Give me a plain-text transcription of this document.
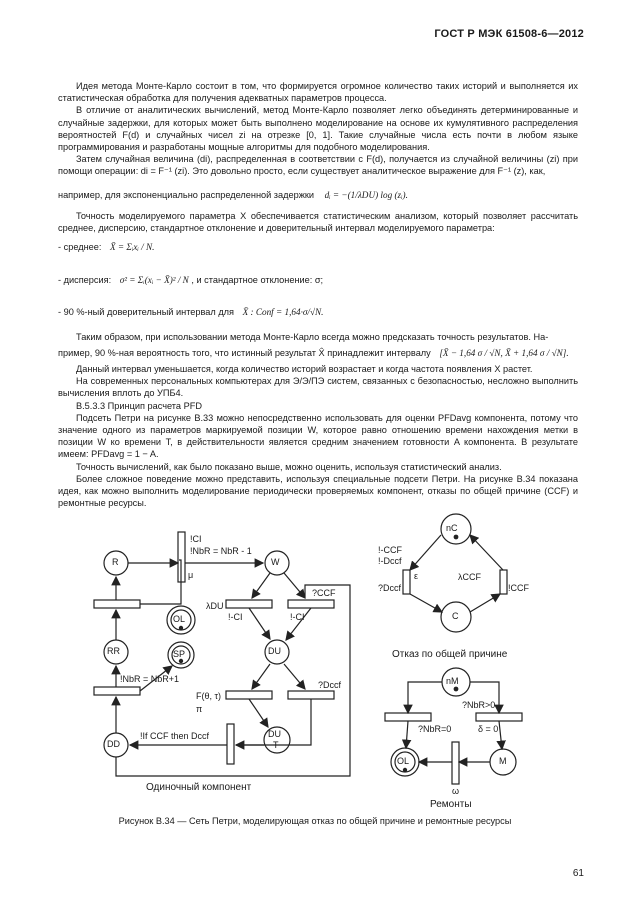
ГОСТ Р МЭК 61508-6—2012

Идея метода Монте-Карло состоит в том, что формируется огромное количество таких историй и выполняется их статистическая обработка для получения адекватных параметров процесса.

В отличие от аналитических вычислений, метод Монте-Карло позволяет легко объединять детерминированные и случайные задержки, для которых может быть выполнено моделирование на основе их кумулятивного распределения вероятностей F(d) и случайных чисел zi на отрезке [0, 1]. Такие случайные числа есть почти в любом языке программирования и разработаны мощные алгоритмы для подобного моделирования.

Затем случайная величина (di), распределенная в соответствии с F(d), получается из случайной величины (zi) при помощи операции: di = F⁻¹ (zi). Это довольно просто, если существует аналитическое выражение для F⁻¹ (z), как,

например, для экспоненциально распределенной задержки dᵢ = −(1/λDU) log (zᵢ).

Точность моделируемого параметра X обеспечивается статистическим анализом, который позволяет рассчитать среднее, дисперсию, стандартное отклонение и доверительный интервал моделируемого параметра:

- среднее: X̄ = Σᵢxᵢ / N.
- дисперсия: σ² = Σᵢ(xᵢ − X̄)² / N , и стандартное отклонение: σ;
- 90 %-ный доверительный интервал для X̄ : Conf = 1,64·σ/√N.

Таким образом, при использовании метода Монте-Карло всегда можно предсказать точность результатов. На-

пример, 90 %-ная вероятность того, что истинный результат X̂ принадлежит интервалу [X̄ − 1,64 σ / √N, X̄ + 1,64 σ / √N].

Данный интервал уменьшается, когда количество историй возрастает и когда частота появления X растет.

На современных персональных компьютерах для Э/Э/ПЭ систем, связанных с безопасностью, несложно выполнить вычисления вплоть до УПБ4.

В.5.3.3 Принцип расчета PFD

Подсеть Петри на рисунке В.33 можно непосредственно использовать для оценки PFDavg компонента, потому что значение одного из параметров маркируемой позиции W, которое равно отношению времени нахождения метки в позиции W ко времени T, в действительности является средним значением готовности A компонента. В результате имеем: PFDavg = 1 − A.

Точность вычислений, как было показано выше, можно оценить, используя статистический анализ.

Более сложное поведение можно представить, используя специальные подсети Петри. На рисунке В.34 показана идея, как можно выполнить моделирование периодически проверяемых компонент, отказы по общей причине (CCF) и ремонтные ресурсы.

R	W
OL
RR	SP	DU
DD
DU
T
!CI
!NbR = NbR - 1
μ
λDU
!-CI
?CCF
!-CI
!NbR = NbR+1
?Dccf
F(θ, τ)
π
!If CCF then Dccf
Одиночный компонент
nC
C
!-CCF
!-Dccf
ε	λCCF
?Dccf	!CCF
Отказ по общей причине
nM
OL	M
?NbR=0
?NbR>0
δ = 0
ω
Ремонты
Рисунок В.34 — Сеть Петри, моделирующая отказ по общей причине и ремонтные ресурсы
61
